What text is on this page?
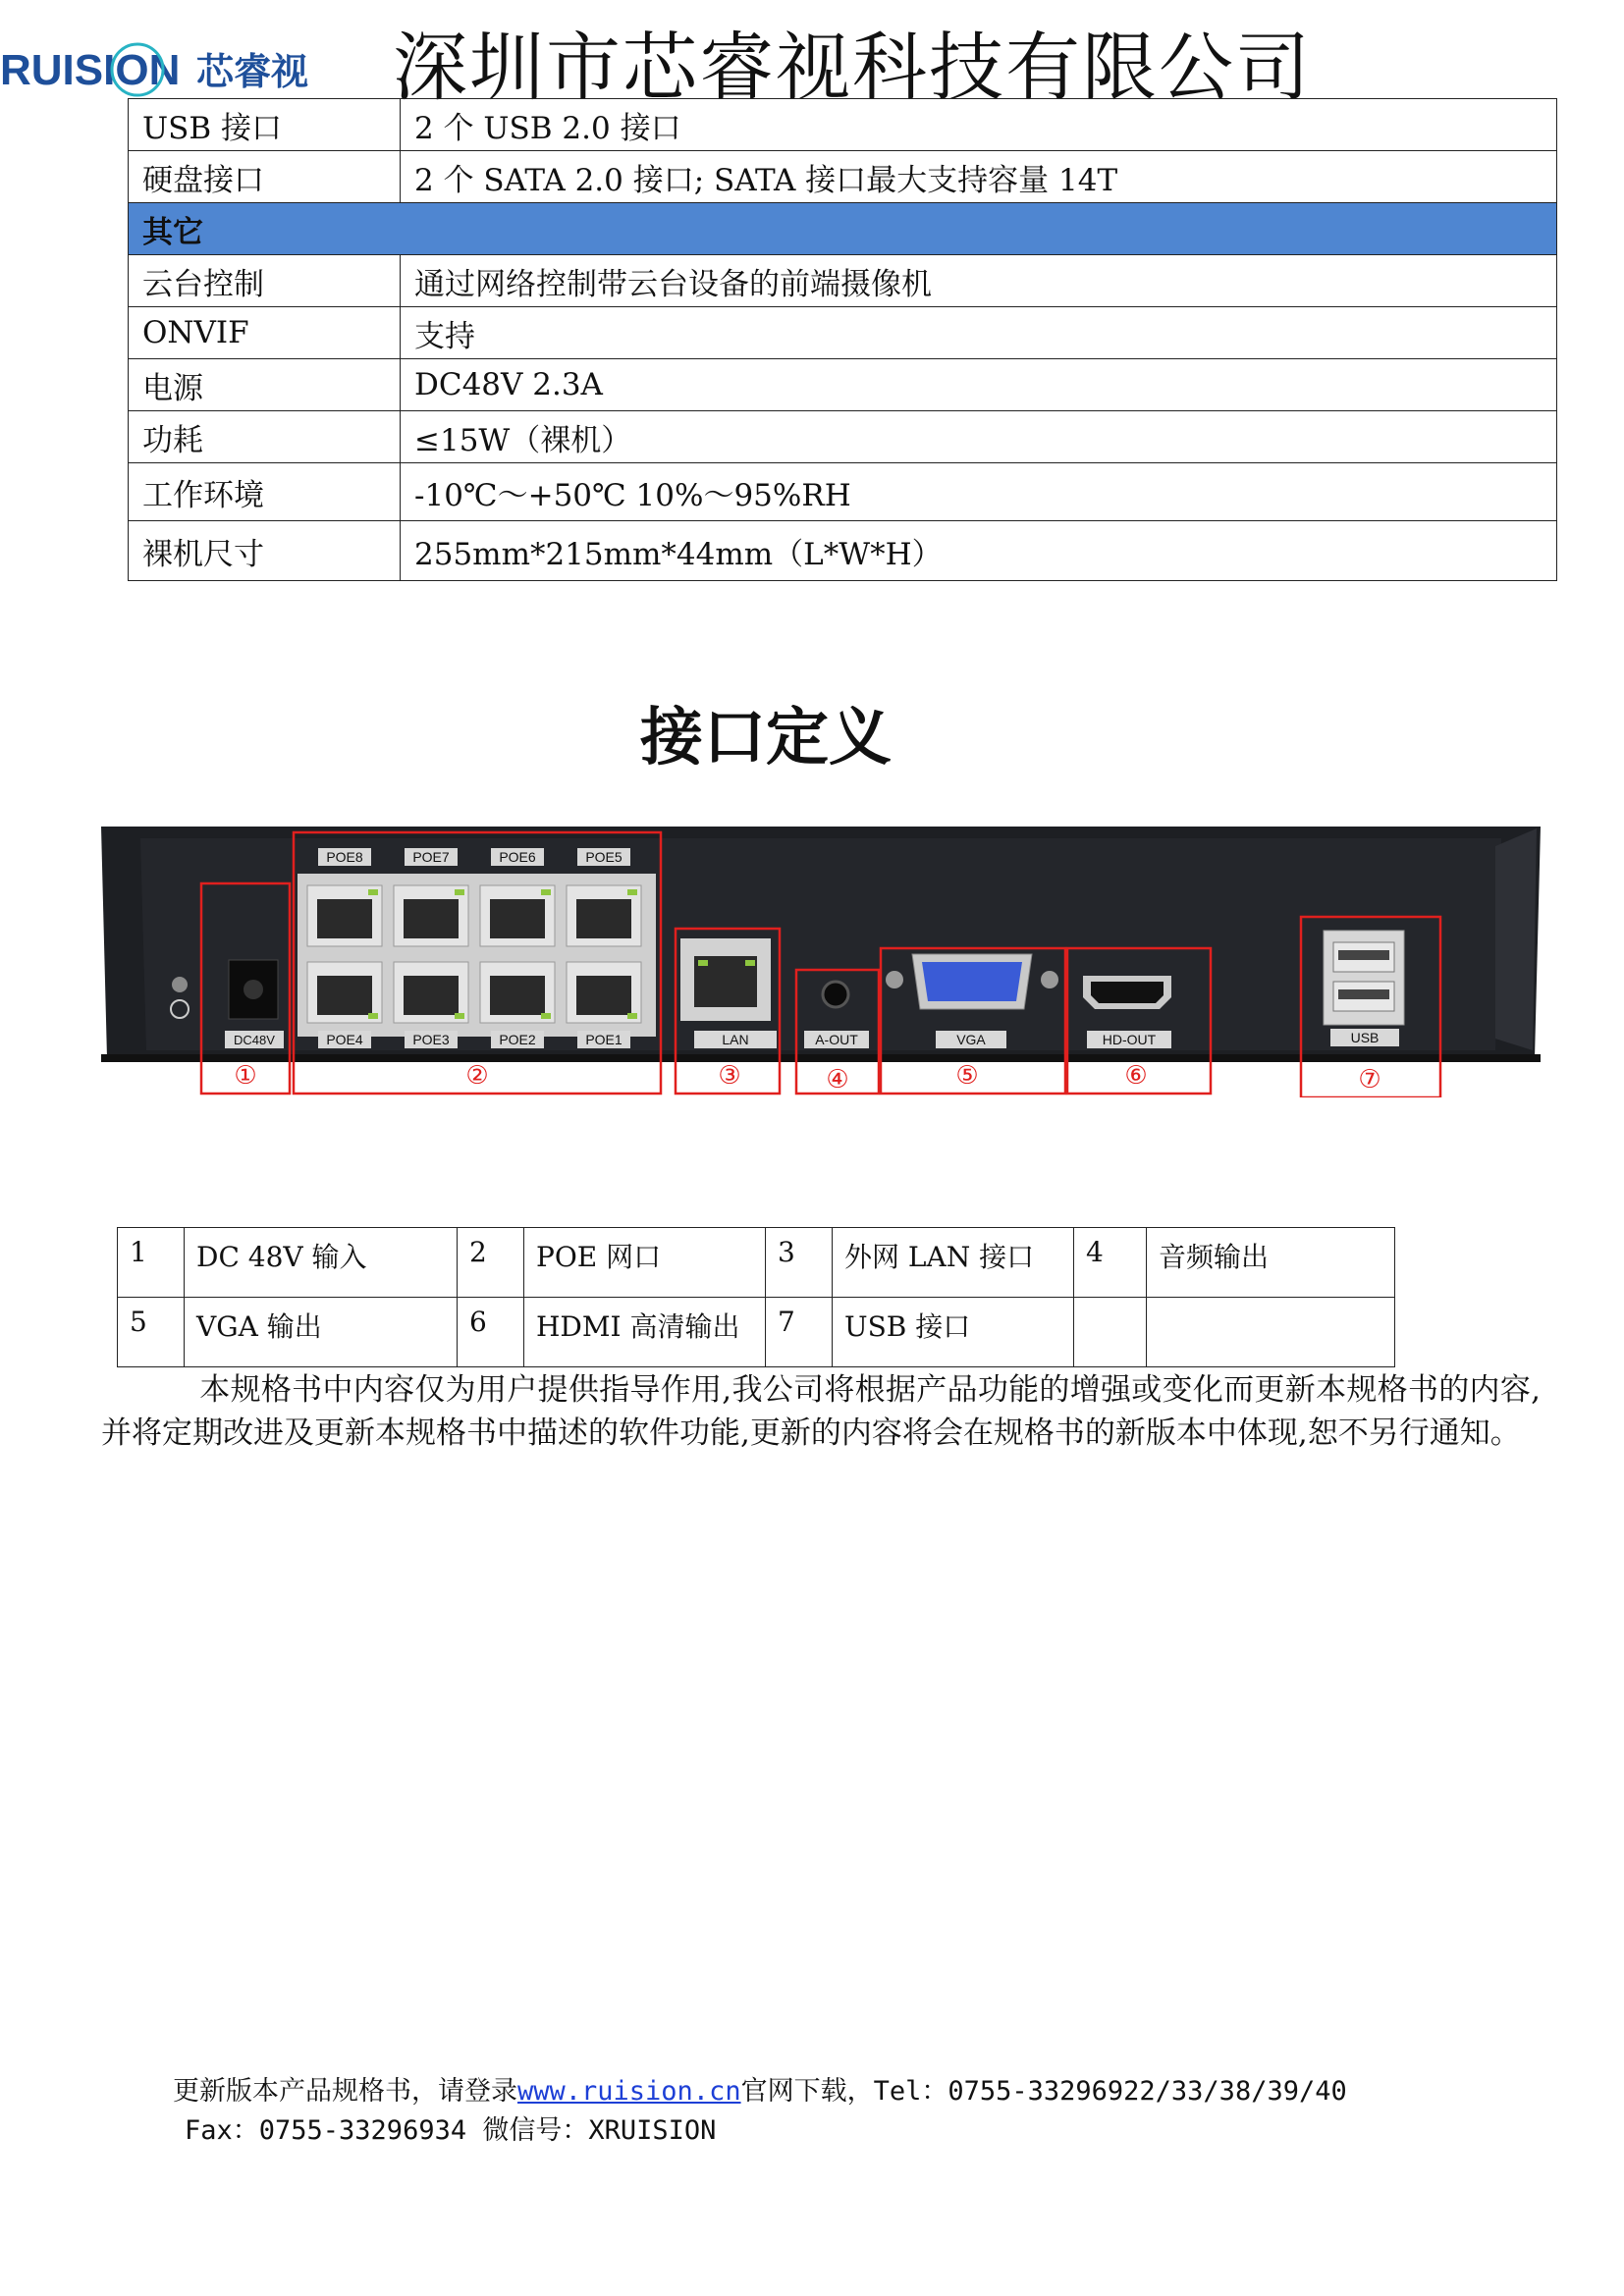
RUISION 芯睿视 深圳市芯睿视科技有限公司
USB 接口	2 个 USB 2.0 接口
硬盘接口	2 个 SATA 2.0 接口; SATA 接口最大支持容量 14T
其它	
云台控制	通过网络控制带云台设备的前端摄像机
ONVIF	支持
电源	DC48V 2.3A
功耗	≤15W（裸机）
工作环境	-10℃～+50℃ 10%～95%RH
裸机尺寸	255mm*215mm*44mm（L*W*H）
接口定义
DC48V
POE8	POE7	POE6	POE5
POE4	POE3	POE2	POE1	LAN	A-OUT	VGA	HD-OUT	USB
①	②	③	④	⑤	⑥	⑦
1	DC 48V 输入	2	POE 网口	3	外网 LAN 接口	4	音频输出
5	VGA 输出	6	HDMI 高清输出	7	USB 接口		
本规格书中内容仅为用户提供指导作用,我公司将根据产品功能的增强或变化而更新本规格书的内容,并将定期改进及更新本规格书中描述的软件功能,更新的内容将会在规格书的新版本中体现,恕不另行通知。
更新版本产品规格书，请登录www.ruision.cn官网下载，Tel：0755-33296922/33/38/39/40
Fax：0755-33296934 微信号：XRUISION
